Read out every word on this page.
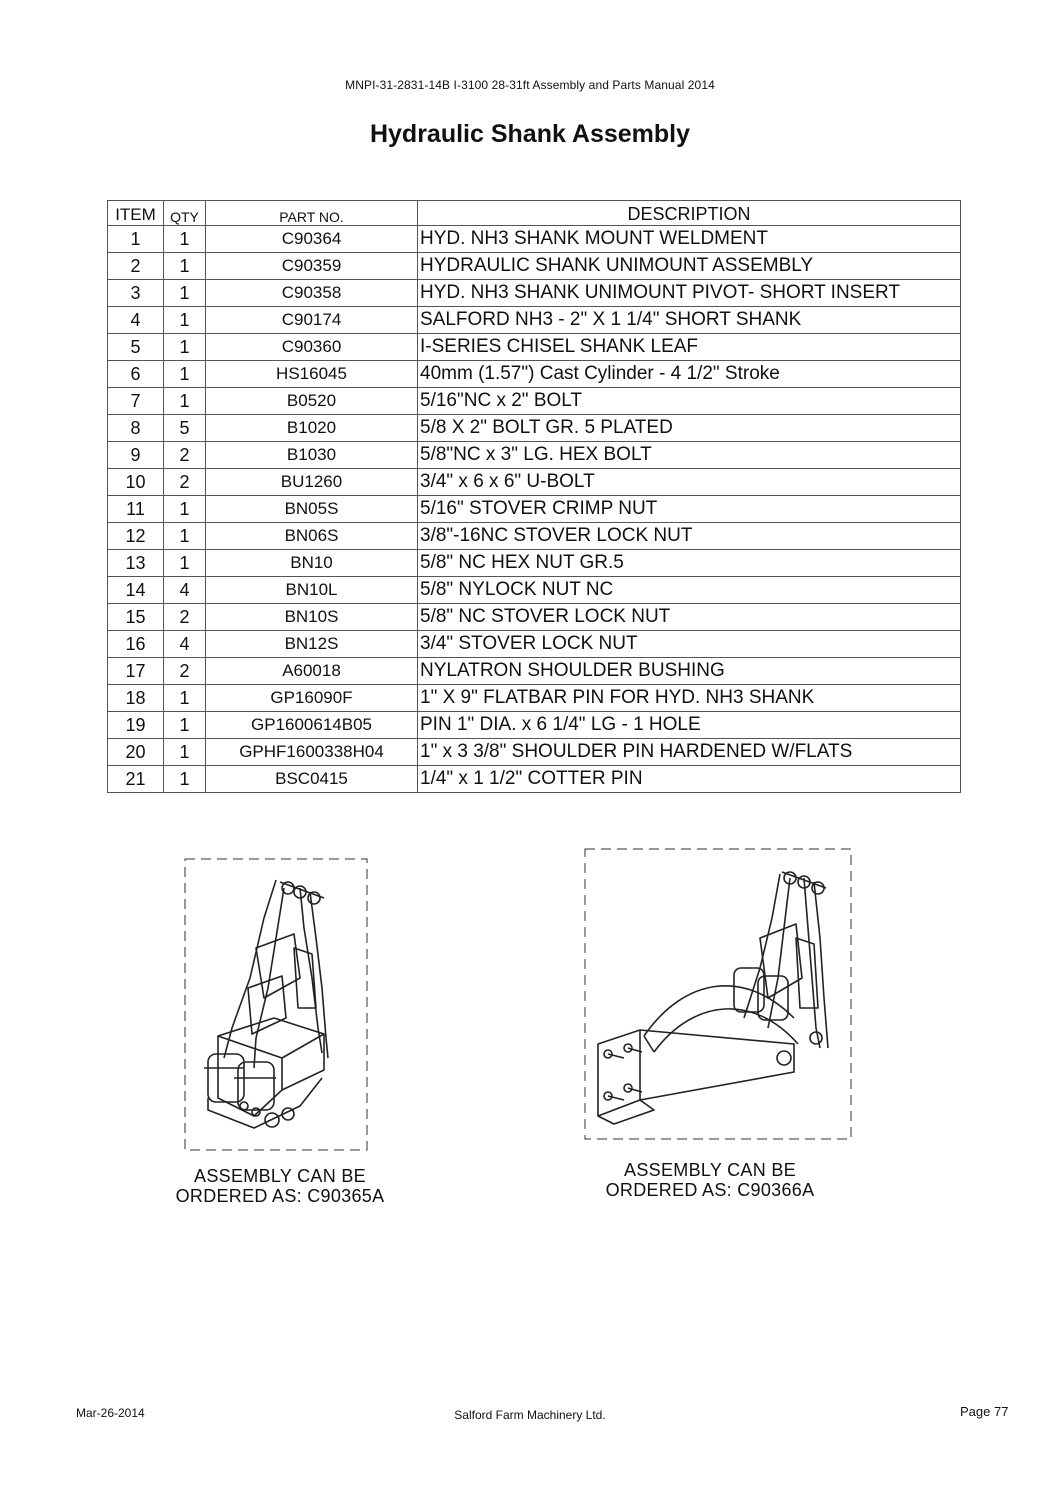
MNPI-31-2831-14B I-3100 28-31ft Assembly and Parts Manual 2014
Hydraulic Shank Assembly
ITEM	QTY	PART NO.	DESCRIPTION
1	1	C90364	HYD. NH3 SHANK MOUNT WELDMENT
2	1	C90359	HYDRAULIC SHANK UNIMOUNT ASSEMBLY
3	1	C90358	HYD. NH3 SHANK UNIMOUNT PIVOT- SHORT INSERT
4	1	C90174	SALFORD NH3 - 2" X 1 1/4" SHORT SHANK
5	1	C90360	I-SERIES CHISEL SHANK LEAF
6	1	HS16045	40mm (1.57") Cast Cylinder - 4 1/2" Stroke
7	1	B0520	5/16"NC x 2" BOLT
8	5	B1020	5/8 X 2" BOLT GR. 5 PLATED
9	2	B1030	5/8"NC x 3" LG. HEX BOLT
10	2	BU1260	3/4" x 6 x 6" U-BOLT
11	1	BN05S	5/16" STOVER CRIMP NUT
12	1	BN06S	3/8"-16NC STOVER LOCK NUT
13	1	BN10	5/8" NC HEX NUT GR.5
14	4	BN10L	5/8" NYLOCK NUT NC
15	2	BN10S	5/8" NC STOVER LOCK NUT
16	4	BN12S	3/4" STOVER LOCK NUT
17	2	A60018	NYLATRON SHOULDER BUSHING
18	1	GP16090F	1" X 9" FLATBAR PIN FOR HYD. NH3 SHANK
19	1	GP1600614B05	PIN 1" DIA. x 6 1/4" LG - 1 HOLE
20	1	GPHF1600338H04	1" x 3 3/8" SHOULDER PIN HARDENED W/FLATS
21	1	BSC0415	1/4" x 1 1/2" COTTER PIN
ASSEMBLY CAN BE
ORDERED AS: C90365A
ASSEMBLY CAN BE
ORDERED AS: C90366A
Mar-26-2014	Salford Farm Machinery Ltd.	Page 77
